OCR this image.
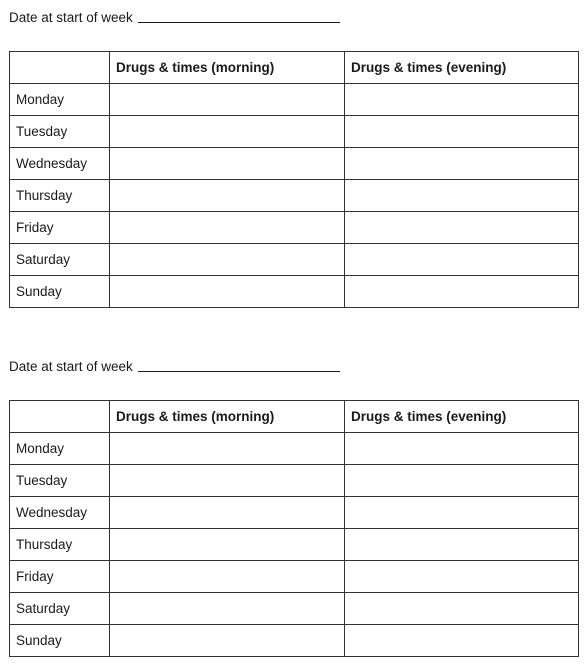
Date at start of week
	Drugs & times (morning)	Drugs & times (evening)
Monday		
Tuesday		
Wednesday		
Thursday		
Friday		
Saturday		
Sunday		
Date at start of week
	Drugs & times (morning)	Drugs & times (evening)
Monday		
Tuesday		
Wednesday		
Thursday		
Friday		
Saturday		
Sunday		
